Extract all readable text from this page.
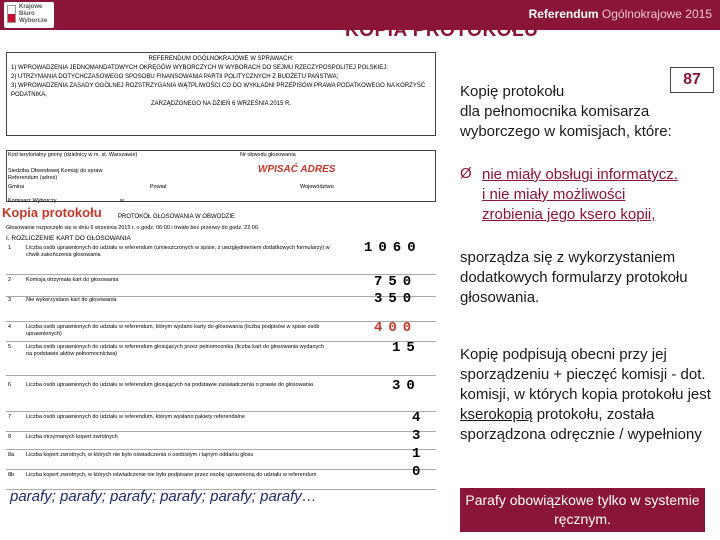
Krajowe Biuro Wyborcze	Referendum Ogólnokrajowe 2015
KOPIA PROTOKOŁU

REFERENDUM OGÓLNOKRAJOWE W SPRAWACH:

1) WPROWADZENIA JEDNOMANDATOWYCH OKRĘGÓW WYBORCZYCH W WYBORACH DO SEJMU RZECZYPOSPOLITEJ POLSKIEJ;

2) UTRZYMANIA DOTYCHCZASOWEGO SPOSOBU FINANSOWANIA PARTII POLITYCZNYCH Z BUDŻETU PAŃSTWA;

3) WPROWADZENIA ZASADY OGÓLNEJ ROZSTRZYGANIA WĄTPLIWOŚCI CO DO WYKŁADNI PRZEPISÓW PRAWA PODATKOWEGO NA KORZYŚĆ PODATNIKA,

ZARZĄDZONEGO NA DZIEŃ 6 WRZEŚNIA 2015 R.

Kod terytorialny gminy (dzielnicy w m. st. Warszawie)	Nr obwodu głosowania
Siedziba Obwodowej Komisji do spraw Referendum (adres)
WPISAĆ ADRES
Gmina	Powiat	Województwo
Komisarz Wyborczy	w ...........................
Kopia protokołu	PROTOKÓŁ GŁOSOWANIA W OBWODZIE
Głosowanie rozpoczęło się w dniu 6 września 2015 r. o godz. 06:00 i trwało bez przerwy do godz. 22:00.
I. ROZLICZENIE KART DO GŁOSOWANIA
1	Liczba osób uprawnionych do udziału w referendum (umieszczonych w spisie, z uwzględnieniem dodatkowych formularzy) w chwili zakończenia głosowania	1060
2	Komisja otrzymała kart do głosowania	750
3	Nie wykorzystano kart do głosowania	350
4	Liczba osób uprawnionych do udziału w referendum, którym wydano karty do głosowania (liczba podpisów w spisie osób uprawnionych)	400
5	Liczba osób uprawnionych do udziału w referendum głosujących przez pełnomocnika (liczba kart do głosowania wydanych na podstawie aktów pełnomocnictwa)	15
6	Liczba osób uprawnionych do udziału w referendum głosujących na podstawie zaświadczenia o prawie do głosowania	30
7	Liczba osób uprawnionych do udziału w referendum, którym wysłano pakiety referendalne	4
8	Liczba otrzymanych kopert zwrotnych	3
8a Liczba kopert zwrotnych, w których nie było oświadczenia o osobistym i tajnym oddaniu głosu	1
8b Liczba kopert zwrotnych, w których oświadczenie nie było podpisane przez osobę uprawnioną do udziału w referendum	0
parafy; parafy; parafy; parafy; parafy; parafy…
87
Kopię protokołu
dla pełnomocnika komisarza wyborczego w komisjach, które:
Ø nie miały obsługi informatycz.
i nie miały możliwości
zrobienia jego ksero kopii,
sporządza się z wykorzystaniem dodatkowych formularzy protokołu głosowania.
Kopię podpisują obecni przy jej sporządzeniu + pieczęć komisji - dot. komisji, w których kopia protokołu jest kserokopią protokołu, została sporządzona odręcznie / wypełniony
Parafy obowiązkowe tylko w systemie ręcznym.
